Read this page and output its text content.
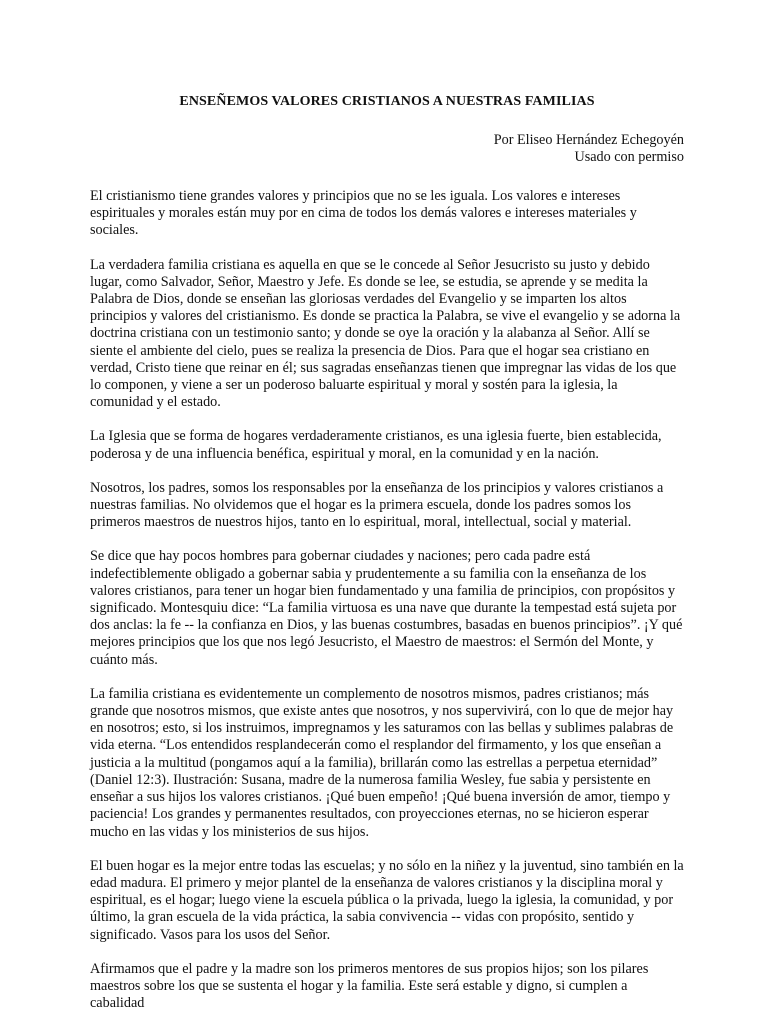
ENSEÑEMOS VALORES CRISTIANOS A NUESTRAS FAMILIAS
Por Eliseo Hernández Echegoyén
Usado con permiso

El cristianismo tiene grandes valores y principios que no se les iguala. Los valores e intereses espirituales y morales están muy por en cima de todos los demás valores e intereses materiales y sociales.

La verdadera familia cristiana es aquella en que se le concede al Señor Jesucristo su justo y debido lugar, como Salvador, Señor, Maestro y Jefe. Es donde se lee, se estudia, se aprende y se medita la Palabra de Dios, donde se enseñan las gloriosas verdades del Evangelio y se imparten los altos principios y valores del cristianismo. Es donde se practica la Palabra, se vive el evangelio y se adorna la doctrina cristiana con un testimonio santo; y donde se oye la oración y la alabanza al Señor. Allí se siente el ambiente del cielo, pues se realiza la presencia de Dios. Para que el hogar sea cristiano en verdad, Cristo tiene que reinar en él; sus sagradas enseñanzas tienen que impregnar las vidas de los que lo componen, y viene a ser un poderoso baluarte espiritual y moral y sostén para la iglesia, la comunidad y el estado.

La Iglesia que se forma de hogares verdaderamente cristianos, es una iglesia fuerte, bien establecida, poderosa y de una influencia benéfica, espiritual y moral, en la comunidad y en la nación.

Nosotros, los padres, somos los responsables por la enseñanza de los principios y valores cristianos a nuestras familias. No olvidemos que el hogar es la primera escuela, donde los padres somos los primeros maestros de nuestros hijos, tanto en lo espiritual, moral, intellectual, social y material.

Se dice que hay pocos hombres para gobernar ciudades y naciones; pero cada padre está indefectiblemente obligado a gobernar sabia y prudentemente a su familia con la enseñanza de los valores cristianos, para tener un hogar bien fundamentado y una familia de principios, con propósitos y significado. Montesquiu dice: “La familia virtuosa es una nave que durante la tempestad está sujeta por dos anclas: la fe -- la confianza en Dios, y las buenas costumbres, basadas en buenos principios”. ¡Y qué mejores principios que los que nos legó Jesucristo, el Maestro de maestros: el Sermón del Monte, y cuánto más.

La familia cristiana es evidentemente un complemento de nosotros mismos, padres cristianos; más grande que nosotros mismos, que existe antes que nosotros, y nos supervivirá, con lo que de mejor hay en nosotros; esto, si los instruimos, impregnamos y les saturamos con las bellas y sublimes palabras de vida eterna. “Los entendidos resplandecerán como el resplandor del firmamento, y los que enseñan a justicia a la multitud (pongamos aquí a la familia), brillarán como las estrellas a perpetua eternidad” (Daniel 12:3). Ilustración: Susana, madre de la numerosa familia Wesley, fue sabia y persistente en enseñar a sus hijos los valores cristianos. ¡Qué buen empeño! ¡Qué buena inversión de amor, tiempo y paciencia! Los grandes y permanentes resultados, con proyecciones eternas, no se hicieron esperar mucho en las vidas y los ministerios de sus hijos.

El buen hogar es la mejor entre todas las escuelas; y no sólo en la niñez y la juventud, sino también en la edad madura. El primero y mejor plantel de la enseñanza de valores cristianos y la disciplina moral y espiritual, es el hogar; luego viene la escuela pública o la privada, luego la iglesia, la comunidad, y por último, la gran escuela de la vida práctica, la sabia convivencia -- vidas con propósito, sentido y significado. Vasos para los usos del Señor.

Afirmamos que el padre y la madre son los primeros mentores de sus propios hijos; son los pilares maestros sobre los que se sustenta el hogar y la familia. Este será estable y digno, si cumplen a cabalidad
